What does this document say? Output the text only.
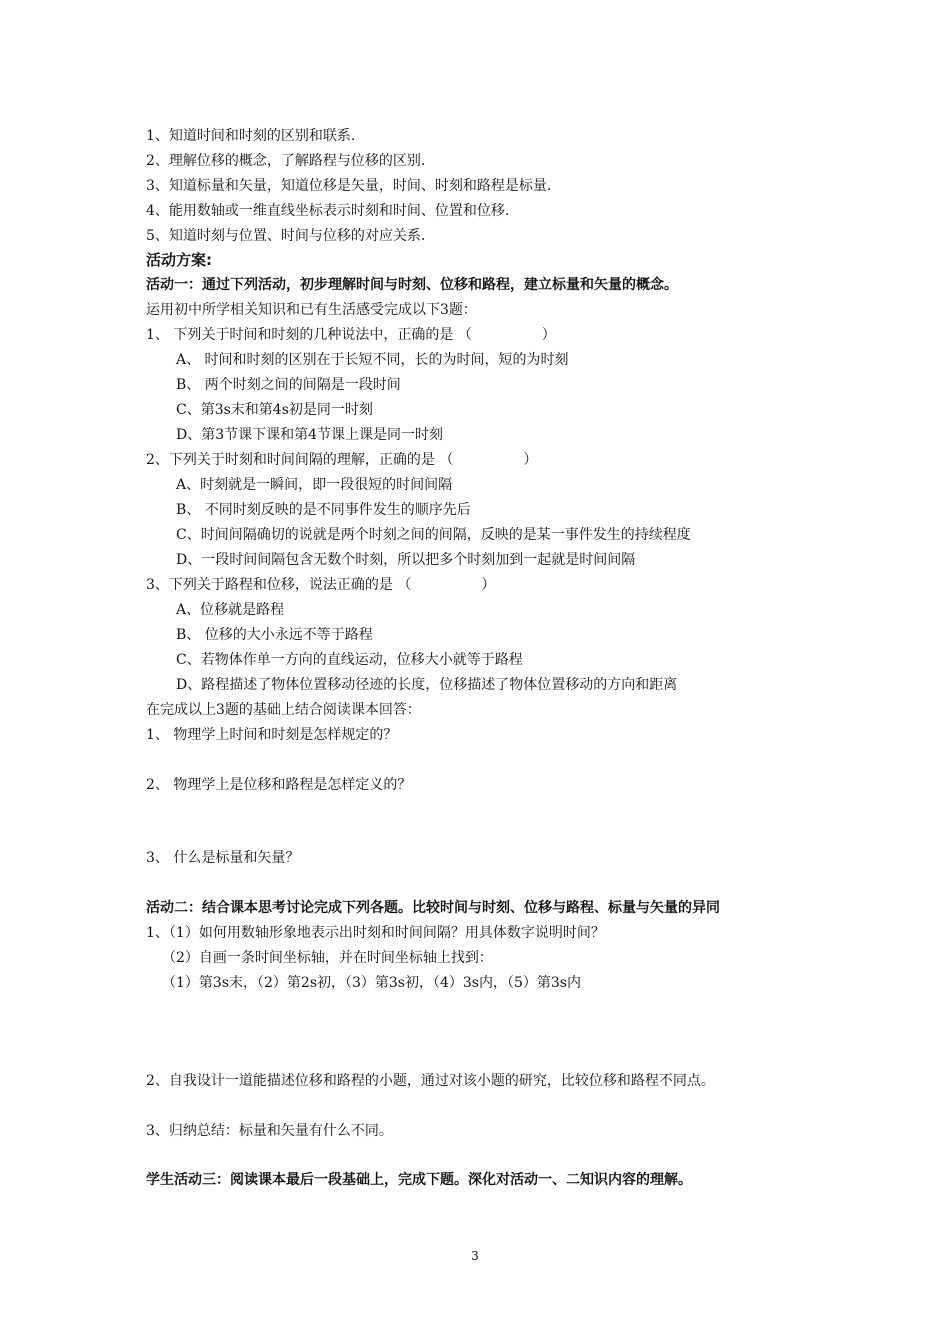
1、知道时间和时刻的区别和联系.
2、理解位移的概念，了解路程与位移的区别.
3、知道标量和矢量，知道位移是矢量，时间、时刻和路程是标量.
4、能用数轴或一维直线坐标表示时刻和时间、位置和位移.
5、知道时刻与位置、时间与位移的对应关系.
活动方案:
活动一：通过下列活动，初步理解时间与时刻、位移和路程，建立标量和矢量的概念。
运用初中所学相关知识和已有生活感受完成以下3题：
1、 下列关于时间和时刻的几种说法中，正确的是 （　　　　　）
A、 时间和时刻的区别在于长短不同，长的为时间，短的为时刻
B、 两个时刻之间的间隔是一段时间
C、第3s末和第4s初是同一时刻
D、第3节课下课和第4节课上课是同一时刻
2、下列关于时刻和时间间隔的理解，正确的是 （　　　　　）
A、时刻就是一瞬间，即一段很短的时间间隔
B、 不同时刻反映的是不同事件发生的顺序先后
C、时间间隔确切的说就是两个时刻之间的间隔，反映的是某一事件发生的持续程度
D、一段时间间隔包含无数个时刻，所以把多个时刻加到一起就是时间间隔
3、下列关于路程和位移，说法正确的是 （　　　　　）
A、位移就是路程
B、 位移的大小永远不等于路程
C、若物体作单一方向的直线运动，位移大小就等于路程
D、路程描述了物体位置移动径迹的长度，位移描述了物体位置移动的方向和距离
在完成以上3题的基础上结合阅读课本回答：
1、 物理学上时间和时刻是怎样规定的？
2、 物理学上是位移和路程是怎样定义的？
3、 什么是标量和矢量？
活动二：结合课本思考讨论完成下列各题。比较时间与时刻、位移与路程、标量与矢量的异同
1、（1）如何用数轴形象地表示出时刻和时间间隔？用具体数字说明时间？
（2）自画一条时间坐标轴，并在时间坐标轴上找到：
（1）第3s末，（2）第2s初，（3）第3s初，（4）3s内，（5）第3s内
2、自我设计一道能描述位移和路程的小题，通过对该小题的研究，比较位移和路程不同点。
3、归纳总结：标量和矢量有什么不同。
学生活动三：阅读课本最后一段基础上，完成下题。深化对活动一、二知识内容的理解。
3
